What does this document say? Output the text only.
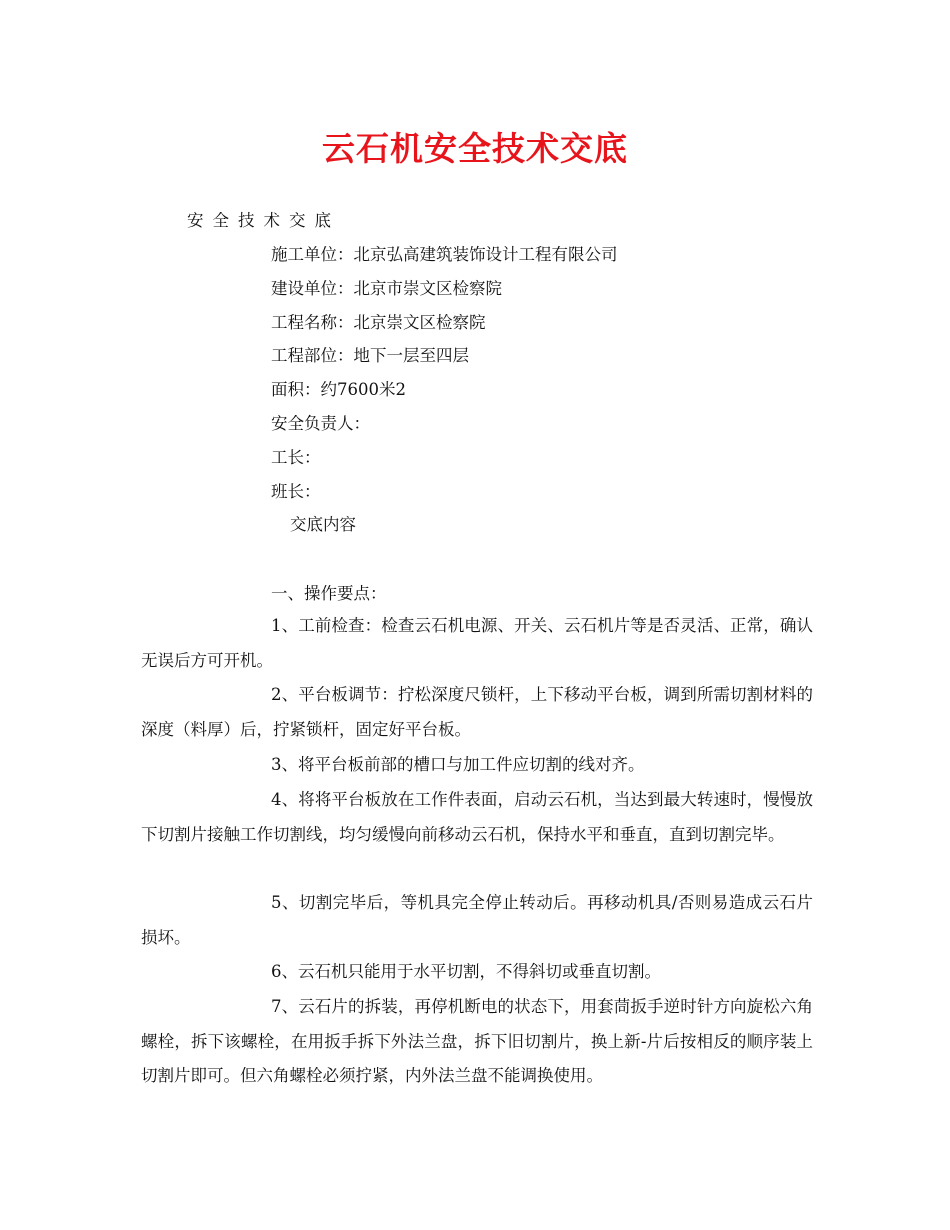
云石机安全技术交底
安全技术交底
施工单位：北京弘高建筑装饰设计工程有限公司
建设单位：北京市崇文区检察院
工程名称：北京崇文区检察院
工程部位：地下一层至四层
面积：约7600米2
安全负责人：
工长：
班长：
交底内容
一、操作要点：
1、工前检查：检查云石机电源、开关、云石机片等是否灵活、正常，确认无误后方可开机。
2、平台板调节：拧松深度尺锁杆，上下移动平台板，调到所需切割材料的深度（料厚）后，拧紧锁杆，固定好平台板。
3、将平台板前部的槽口与加工件应切割的线对齐。
4、将将平台板放在工作件表面，启动云石机，当达到最大转速时，慢慢放下切割片接触工作切割线，均匀缓慢向前移动云石机，保持水平和垂直，直到切割完毕。
5、切割完毕后，等机具完全停止转动后。再移动机具/否则易造成云石片损坏。
6、云石机只能用于水平切割，不得斜切或垂直切割。
7、云石片的拆装，再停机断电的状态下，用套茼扳手逆时针方向旋松六角螺栓，拆下该螺栓，在用扳手拆下外法兰盘，拆下旧切割片，换上新-片后按相反的顺序装上切割片即可。但六角螺栓必须拧紧，内外法兰盘不能调换使用。
